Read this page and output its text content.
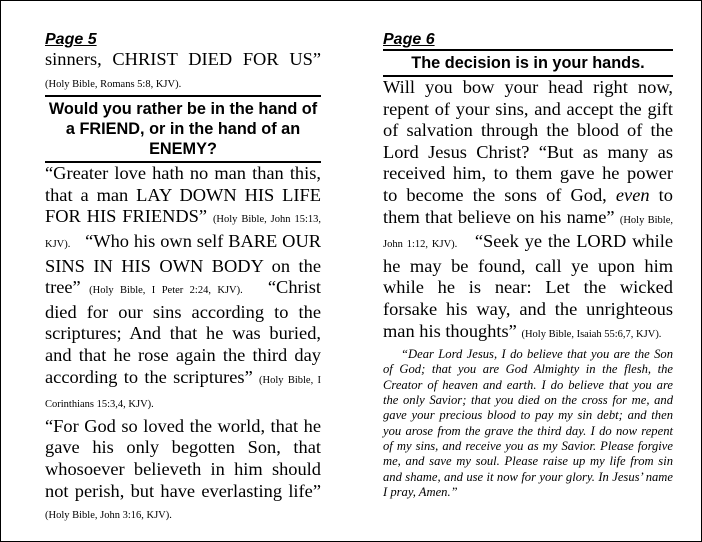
Page 5

sinners, CHRIST DIED FOR US” (Holy Bible, Romans 5:8, KJV).

Would you rather be in the hand of a FRIEND, or in the hand of an ENEMY?

“Greater love hath no man than this, that a man LAY DOWN HIS LIFE FOR HIS FRIENDS” (Holy Bible, John 15:13, KJV). “Who his own self BARE OUR SINS IN HIS OWN BODY on the tree” (Holy Bible, I Peter 2:24, KJV). “Christ died for our sins according to the scriptures; And that he was buried, and that he rose again the third day according to the scriptures” (Holy Bible, I Corinthians 15:3,4, KJV).

“For God so loved the world, that he gave his only begotten Son, that whosoever believeth in him should not perish, but have everlasting life” (Holy Bible, John 3:16, KJV).

Page 6

The decision is in your hands.

Will you bow your head right now, repent of your sins, and accept the gift of salvation through the blood of the Lord Jesus Christ? “But as many as received him, to them gave he power to become the sons of God, even to them that believe on his name” (Holy Bible, John 1:12, KJV). “Seek ye the LORD while he may be found, call ye upon him while he is near: Let the wicked forsake his way, and the unrighteous man his thoughts” (Holy Bible, Isaiah 55:6,7, KJV).

“Dear Lord Jesus, I do believe that you are the Son of God; that you are God Almighty in the flesh, the Creator of heaven and earth. I do believe that you are the only Savior; that you died on the cross for me, and gave your precious blood to pay my sin debt; and then you arose from the grave the third day. I do now repent of my sins, and receive you as my Savior. Please forgive me, and save my soul. Please raise up my life from sin and shame, and use it now for your glory. In Jesus’ name I pray, Amen.”
